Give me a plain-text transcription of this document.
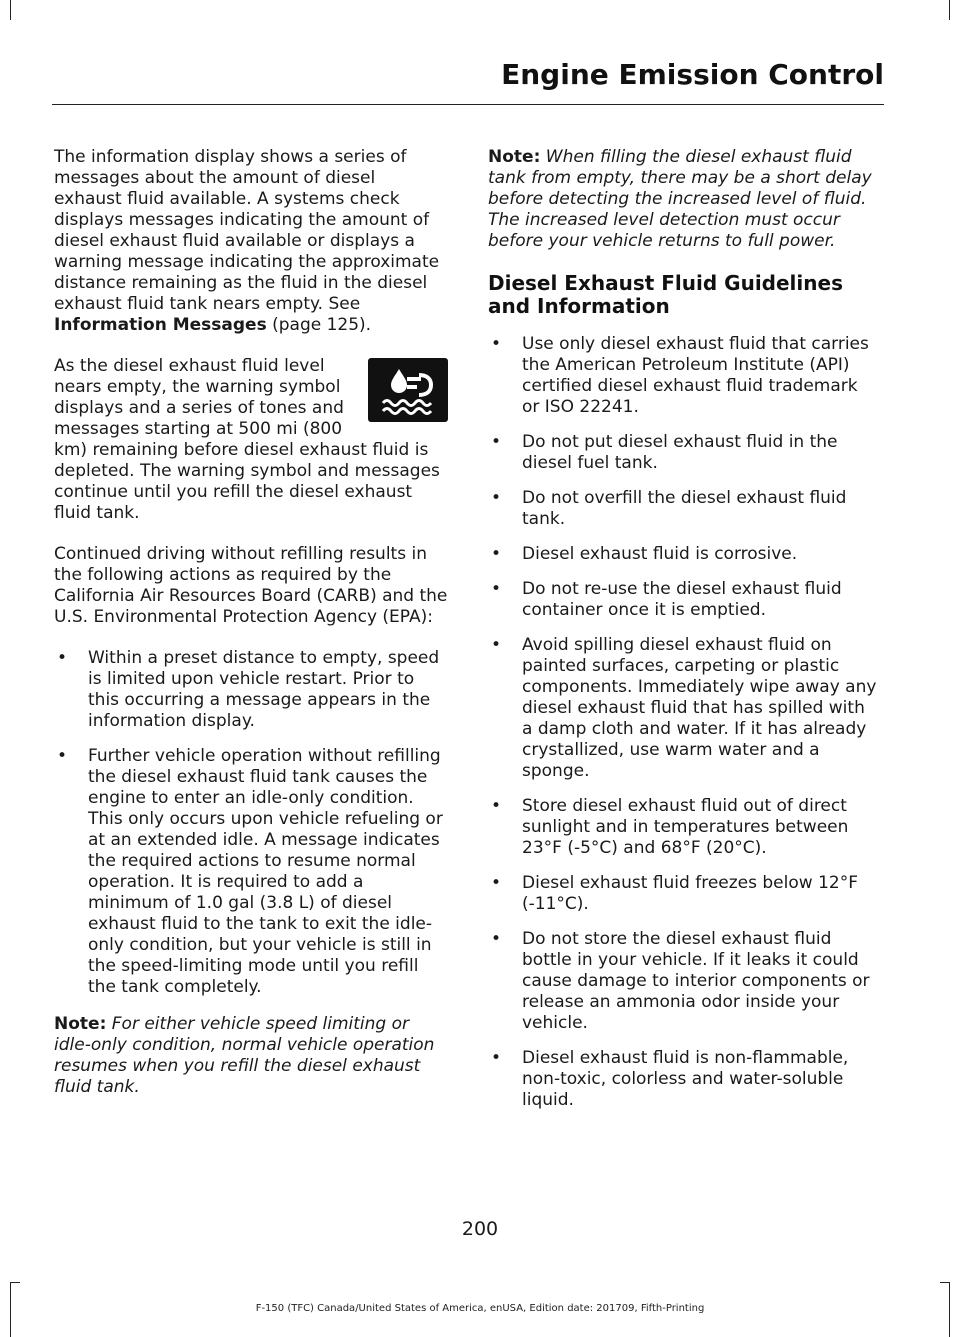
Engine Emission Control

The information display shows a series of messages about the amount of diesel exhaust fluid available. A systems check displays messages indicating the amount of diesel exhaust fluid available or displays a warning message indicating the approximate distance remaining as the fluid in the diesel exhaust fluid tank nears empty. See Information Messages (page 125).

As the diesel exhaust fluid level nears empty, the warning symbol displays and a series of tones and messages starting at 500 mi (800 km) remaining before diesel exhaust fluid is depleted. The warning symbol and messages continue until you refill the diesel exhaust fluid tank.

Continued driving without refilling results in the following actions as required by the California Air Resources Board (CARB) and the U.S. Environmental Protection Agency (EPA):

• Within a preset distance to empty, speed is limited upon vehicle restart. Prior to this occurring a message appears in the information display.
• Further vehicle operation without refilling the diesel exhaust fluid tank causes the engine to enter an idle-only condition. This only occurs upon vehicle refueling or at an extended idle. A message indicates the required actions to resume normal operation. It is required to add a minimum of 1.0 gal (3.8 L) of diesel exhaust fluid to the tank to exit the idle-only condition, but your vehicle is still in the speed-limiting mode until you refill the tank completely.

Note: For either vehicle speed limiting or idle-only condition, normal vehicle operation resumes when you refill the diesel exhaust fluid tank.

Note: When filling the diesel exhaust fluid tank from empty, there may be a short delay before detecting the increased level of fluid. The increased level detection must occur before your vehicle returns to full power.

Diesel Exhaust Fluid Guidelines and Information
• Use only diesel exhaust fluid that carries the American Petroleum Institute (API) certified diesel exhaust fluid trademark or ISO 22241.
• Do not put diesel exhaust fluid in the diesel fuel tank.
• Do not overfill the diesel exhaust fluid tank.
• Diesel exhaust fluid is corrosive.
• Do not re-use the diesel exhaust fluid container once it is emptied.
• Avoid spilling diesel exhaust fluid on painted surfaces, carpeting or plastic components. Immediately wipe away any diesel exhaust fluid that has spilled with a damp cloth and water. If it has already crystallized, use warm water and a sponge.
• Store diesel exhaust fluid out of direct sunlight and in temperatures between 23°F (-5°C) and 68°F (20°C).
• Diesel exhaust fluid freezes below 12°F (-11°C).
• Do not store the diesel exhaust fluid bottle in your vehicle. If it leaks it could cause damage to interior components or release an ammonia odor inside your vehicle.
• Diesel exhaust fluid is non-flammable, non-toxic, colorless and water-soluble liquid.
200
F-150 (TFC) Canada/United States of America, enUSA, Edition date: 201709, Fifth-Printing
